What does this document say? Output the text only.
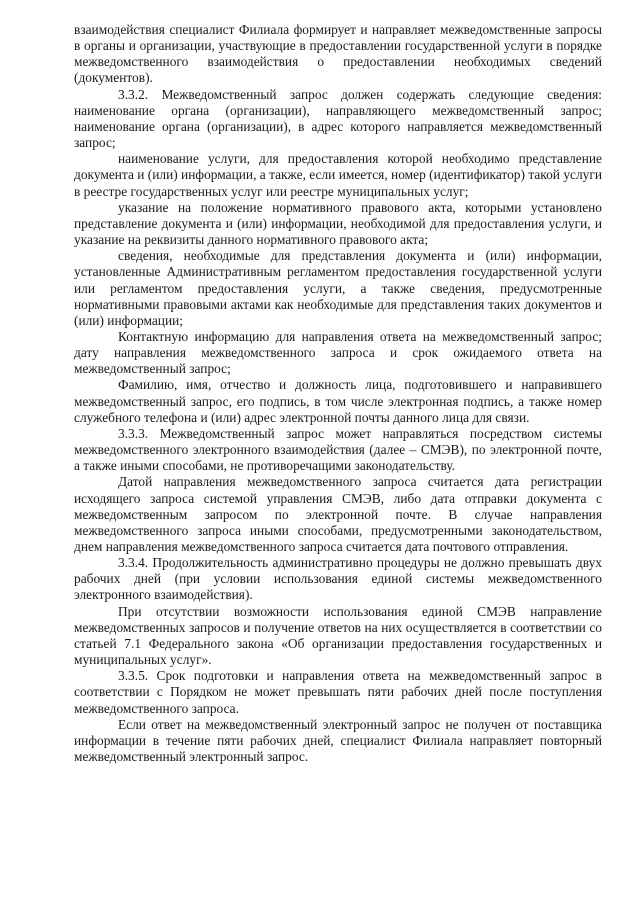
взаимодействия специалист Филиала формирует и направляет межведомственные запросы в органы и организации, участвующие в предоставлении государственной услуги в порядке межведомственного взаимодействия о предоставлении необходимых сведений (документов).

3.3.2. Межведомственный запрос должен содержать следующие сведения: наименование органа (организации), направляющего межведомственный запрос; наименование органа (организации), в адрес которого направляется межведомственный запрос;

наименование услуги, для предоставления которой необходимо представление документа и (или) информации, а также, если имеется, номер (идентификатор) такой услуги в реестре государственных услуг или реестре муниципальных услуг;

указание на положение нормативного правового акта, которыми установлено представление документа и (или) информации, необходимой для предоставления услуги, и указание на реквизиты данного нормативного правового акта;

сведения, необходимые для представления документа и (или) информации, установленные Административным регламентом предоставления государственной услуги или регламентом предоставления услуги, а также сведения, предусмотренные нормативными правовыми актами как необходимые для представления таких документов и (или) информации;

Контактную информацию для направления ответа на межведомственный запрос; дату направления межведомственного запроса и срок ожидаемого ответа на межведомственный запрос;

Фамилию, имя, отчество и должность лица, подготовившего и направившего межведомственный запрос, его подпись, в том числе электронная подпись, а также номер служебного телефона и (или) адрес электронной почты данного лица для связи.

3.3.3. Межведомственный запрос может направляться посредством системы межведомственного электронного взаимодействия (далее – СМЭВ), по электронной почте, а также иными способами, не противоречащими законодательству.

Датой направления межведомственного запроса считается дата регистрации исходящего запроса системой управления СМЭВ, либо дата отправки документа с межведомственным запросом по электронной почте. В случае направления межведомственного запроса иными способами, предусмотренными законодательством, днем направления межведомственного запроса считается дата почтового отправления.

3.3.4. Продолжительность административно процедуры не должно превышать двух рабочих дней (при условии использования единой системы межведомственного электронного взаимодействия).

При отсутствии возможности использования единой СМЭВ направление межведомственных запросов и получение ответов на них осуществляется в соответствии со статьей 7.1 Федерального закона «Об организации предоставления государственных и муниципальных услуг».

3.3.5. Срок подготовки и направления ответа на межведомственный запрос в соответствии с Порядком не может превышать пяти рабочих дней после поступления межведомственного запроса.

Если ответ на межведомственный электронный запрос не получен от поставщика информации в течение пяти рабочих дней, специалист Филиала направляет повторный межведомственный электронный запрос.
